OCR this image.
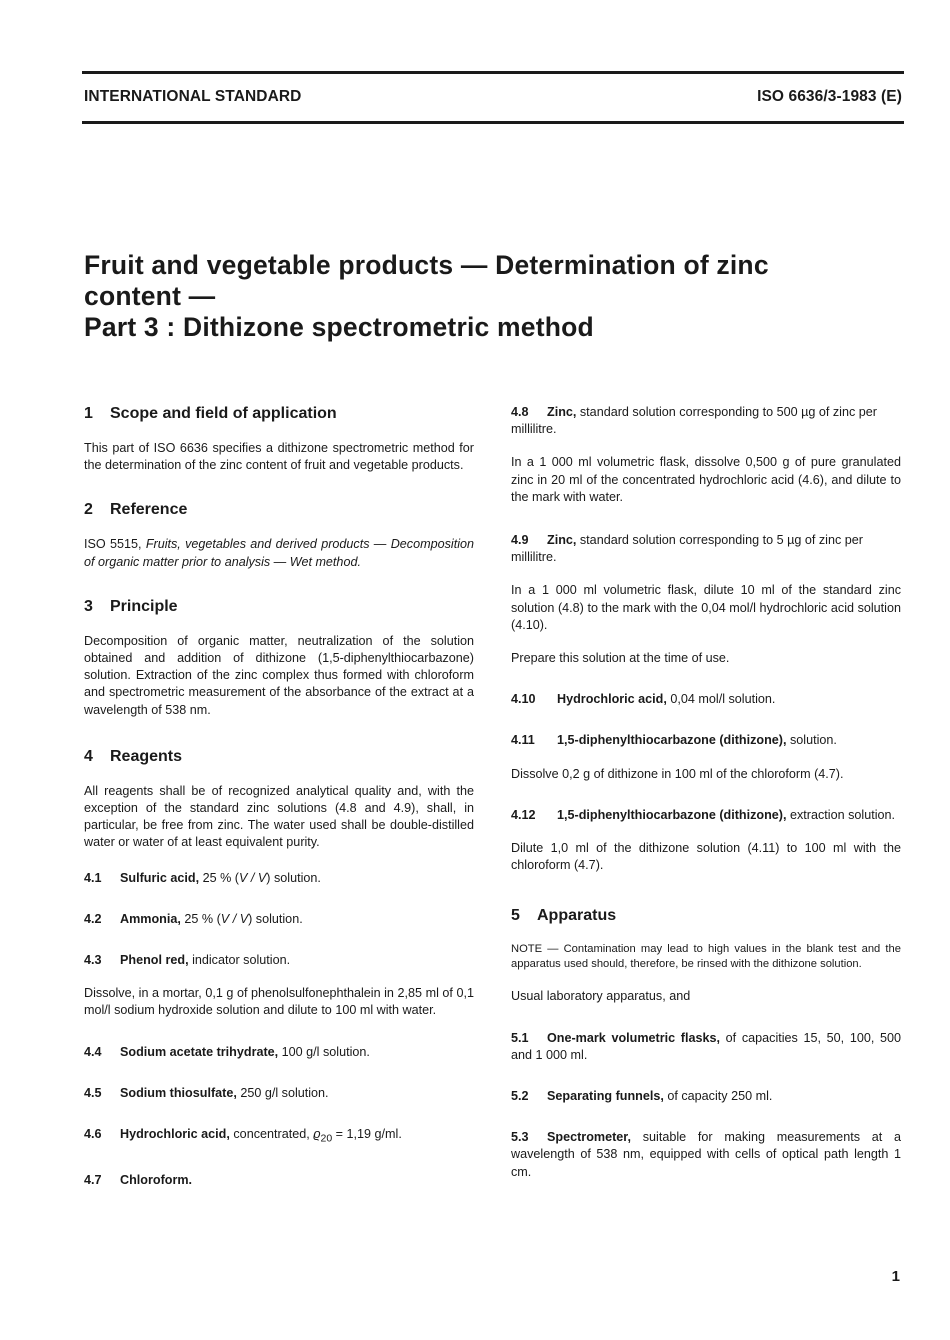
INTERNATIONAL STANDARD	ISO 6636/3-1983 (E)
Fruit and vegetable products — Determination of zinc
content —
Part 3 : Dithizone spectrometric method
1 Scope and field of application

This part of ISO 6636 specifies a dithizone spectrometric method for the determination of the zinc content of fruit and vegetable products.

2 Reference

ISO 5515, Fruits, vegetables and derived products — Decomposition of organic matter prior to analysis — Wet method.

3 Principle

Decomposition of organic matter, neutralization of the solution obtained and addition of dithizone (1,5-diphenylthiocarbazone) solution. Extraction of the zinc complex thus formed with chloroform and spectrometric measurement of the absorbance of the extract at a wavelength of 538 nm.

4 Reagents

All reagents shall be of recognized analytical quality and, with the exception of the standard zinc solutions (4.8 and 4.9), shall, in particular, be free from zinc. The water used shall be double-distilled water or water of at least equivalent purity.

4.1 Sulfuric acid, 25 % (V / V) solution.

4.2 Ammonia, 25 % (V / V) solution.

4.3 Phenol red, indicator solution.

Dissolve, in a mortar, 0,1 g of phenolsulfonephthalein in 2,85 ml of 0,1 mol/l sodium hydroxide solution and dilute to 100 ml with water.

4.4 Sodium acetate trihydrate, 100 g/l solution.

4.5 Sodium thiosulfate, 250 g/l solution.

4.6 Hydrochloric acid, concentrated, $ϱ_{20} = 1,19$ g/ml.

4.7 Chloroform.

4.8 Zinc, standard solution corresponding to 500 µg of zinc per millilitre.

In a 1 000 ml volumetric flask, dissolve 0,500 g of pure granulated zinc in 20 ml of the concentrated hydrochloric acid (4.6), and dilute to the mark with water.

4.9 Zinc, standard solution corresponding to 5 µg of zinc per millilitre.

In a 1 000 ml volumetric flask, dilute 10 ml of the standard zinc solution (4.8) to the mark with the 0,04 mol/l hydrochloric acid solution (4.10).

Prepare this solution at the time of use.

4.10 Hydrochloric acid, 0,04 mol/l solution.

4.11 1,5-diphenylthiocarbazone (dithizone), solution.

Dissolve 0,2 g of dithizone in 100 ml of the chloroform (4.7).

4.12 1,5-diphenylthiocarbazone (dithizone), extraction solution.

Dilute 1,0 ml of the dithizone solution (4.11) to 100 ml with the chloroform (4.7).

5 Apparatus

NOTE — Contamination may lead to high values in the blank test and the apparatus used should, therefore, be rinsed with the dithizone solution.

Usual laboratory apparatus, and

5.1 One-mark volumetric flasks, of capacities 15, 50, 100, 500 and 1 000 ml.

5.2 Separating funnels, of capacity 250 ml.

5.3 Spectrometer, suitable for making measurements at a wavelength of 538 nm, equipped with cells of optical path length 1 cm.

1
